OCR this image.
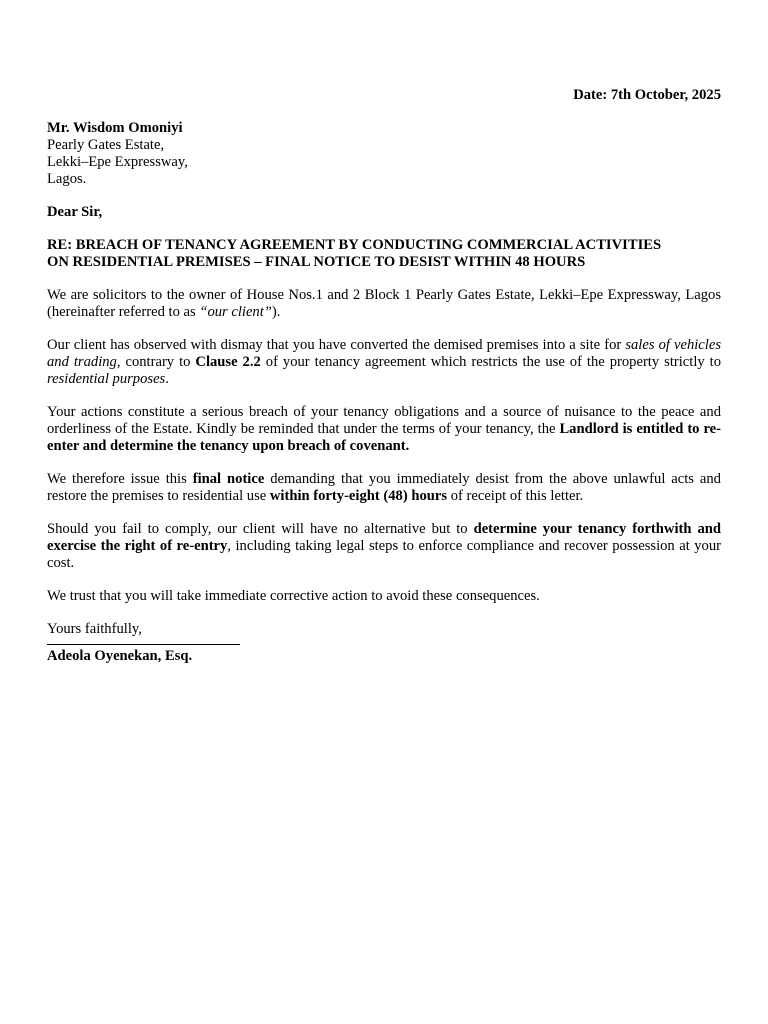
Date: 7th October, 2025

Mr. Wisdom Omoniyi
Pearly Gates Estate,
Lekki–Epe Expressway,
Lagos.

Dear Sir,

RE: BREACH OF TENANCY AGREEMENT BY CONDUCTING COMMERCIAL ACTIVITIES
ON RESIDENTIAL PREMISES – FINAL NOTICE TO DESIST WITHIN 48 HOURS

We are solicitors to the owner of House Nos.1 and 2 Block 1 Pearly Gates Estate, Lekki–Epe Expressway, Lagos (hereinafter referred to as “our client”).

Our client has observed with dismay that you have converted the demised premises into a site for sales of vehicles and trading, contrary to Clause 2.2 of your tenancy agreement which restricts the use of the property strictly to residential purposes.

Your actions constitute a serious breach of your tenancy obligations and a source of nuisance to the peace and orderliness of the Estate. Kindly be reminded that under the terms of your tenancy, the Landlord is entitled to re-enter and determine the tenancy upon breach of covenant.

We therefore issue this final notice demanding that you immediately desist from the above unlawful acts and restore the premises to residential use within forty-eight (48) hours of receipt of this letter.

Should you fail to comply, our client will have no alternative but to determine your tenancy forthwith and exercise the right of re-entry, including taking legal steps to enforce compliance and recover possession at your cost.

We trust that you will take immediate corrective action to avoid these consequences.

Yours faithfully,

Adeola Oyenekan, Esq.
